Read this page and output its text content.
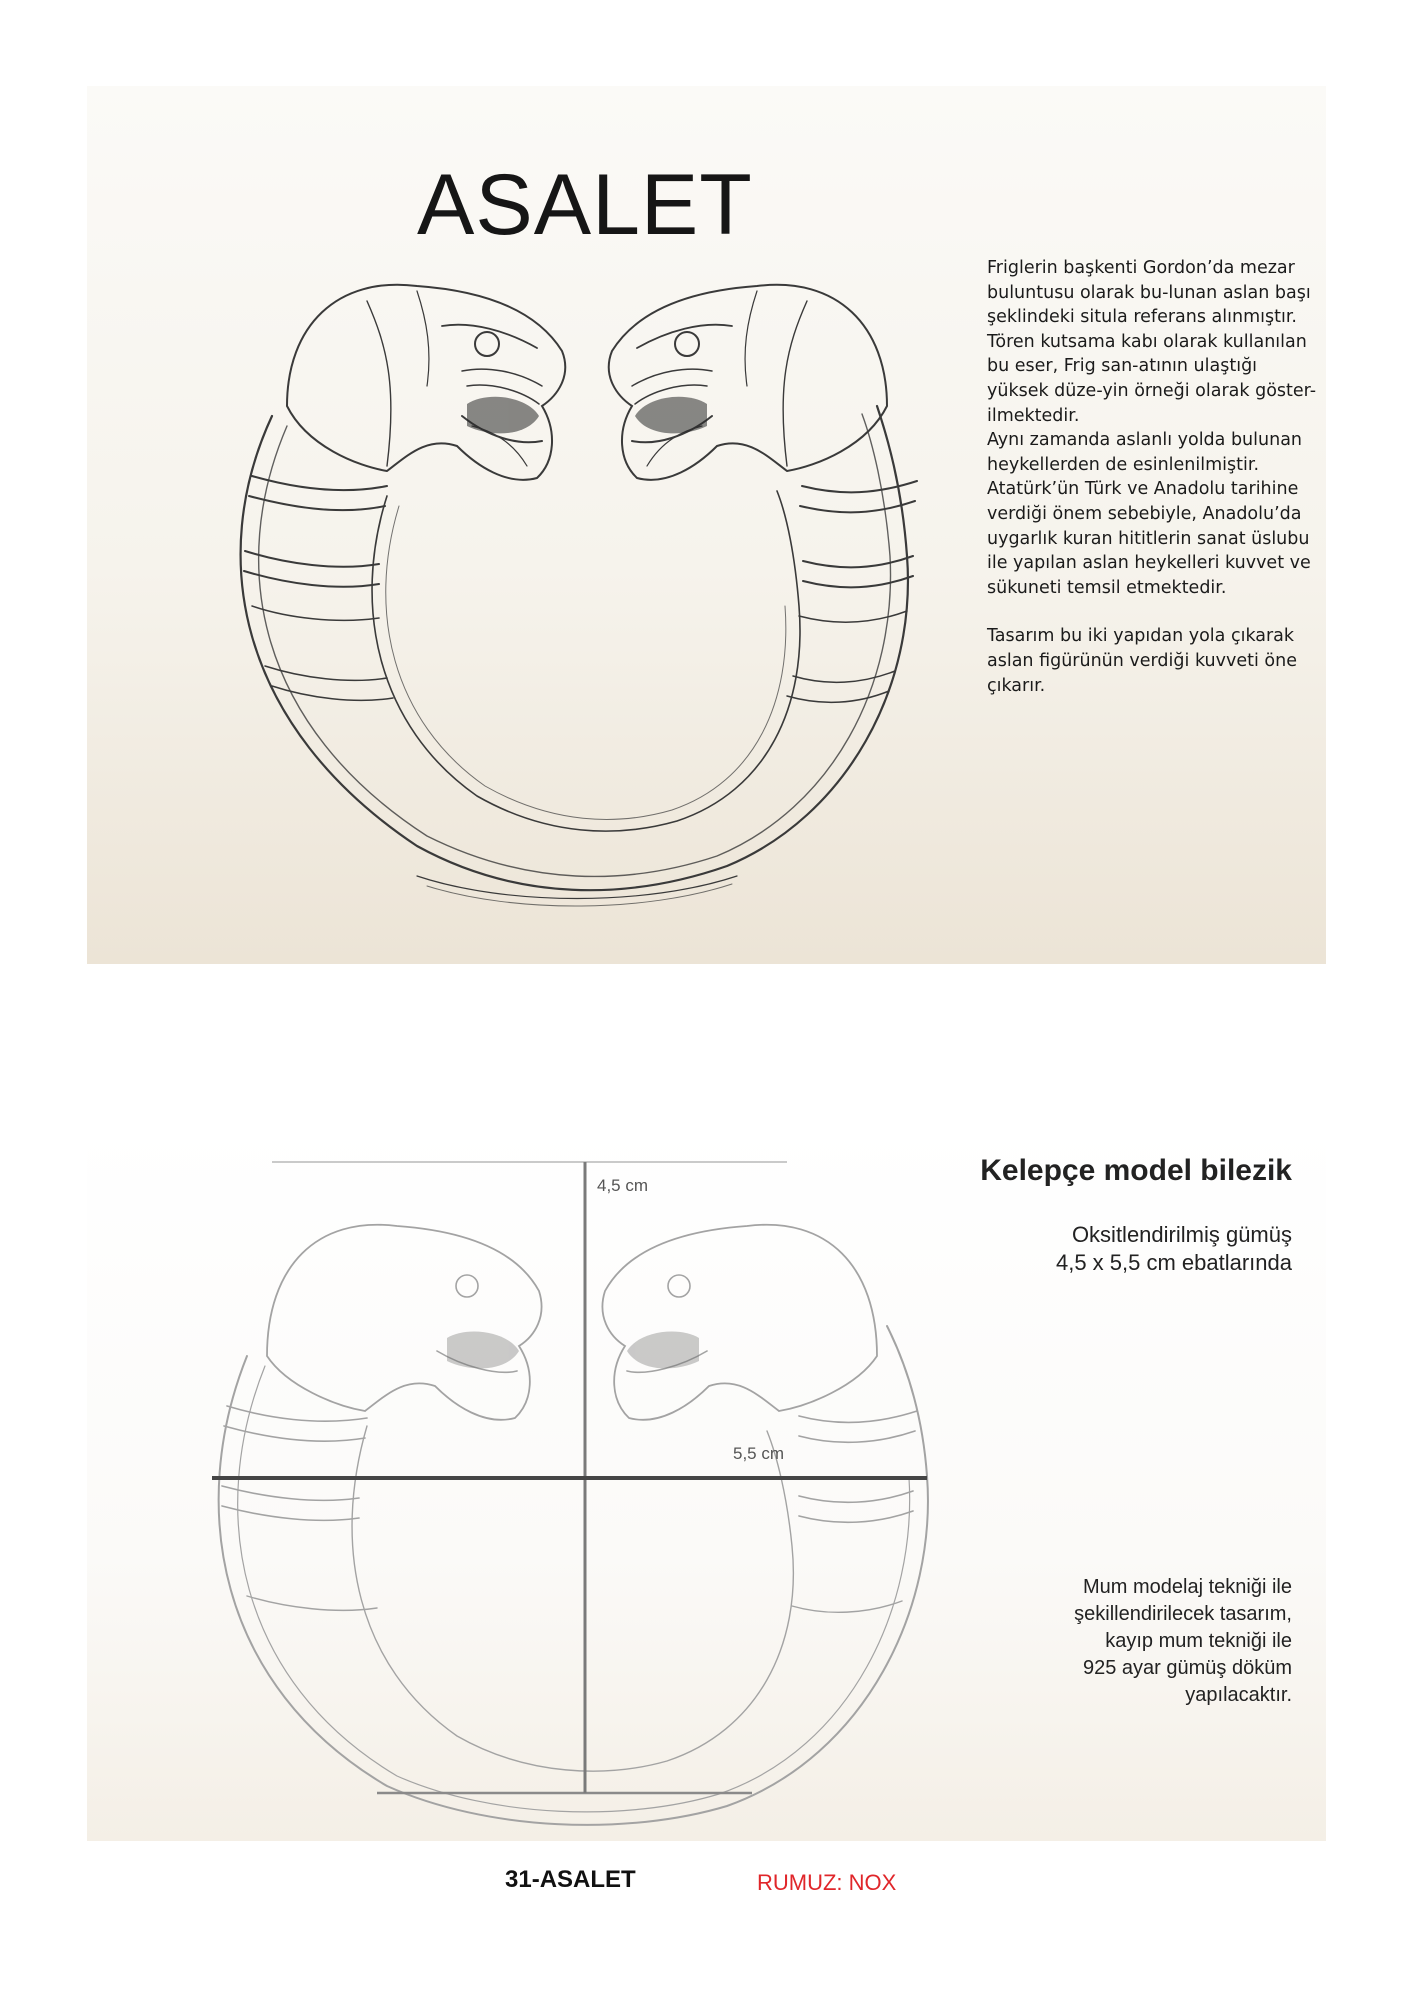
ASALET

Friglerin başkenti Gordon’da mezar buluntusu olarak bu-lunan aslan başı şeklindeki situla referans alınmıştır. Tören kutsama kabı olarak kullanılan bu eser, Frig san-atının ulaştığı yüksek düze-yin örneği olarak göster-ilmektedir.

Aynı zamanda aslanlı yolda bulunan heykellerden de esinlenilmiştir. Atatürk’ün Türk ve Anadolu tarihine verdiği önem sebebiyle, Anadolu’da uygarlık kuran hititlerin sanat üslubu ile yapılan aslan heykelleri kuvvet ve sükuneti temsil etmektedir.

Tasarım bu iki yapıdan yola çıkarak aslan figürünün verdiği kuvveti öne çıkarır.

4,5 cm
5,5 cm
Kelepçe model bilezik
Oksitlendirilmiş gümüş
4,5 x 5,5 cm ebatlarında
Mum modelaj tekniği ile
şekillendirilecek tasarım,
kayıp mum tekniği ile
925 ayar gümüş döküm
yapılacaktır.
31-ASALET	RUMUZ: NOX
